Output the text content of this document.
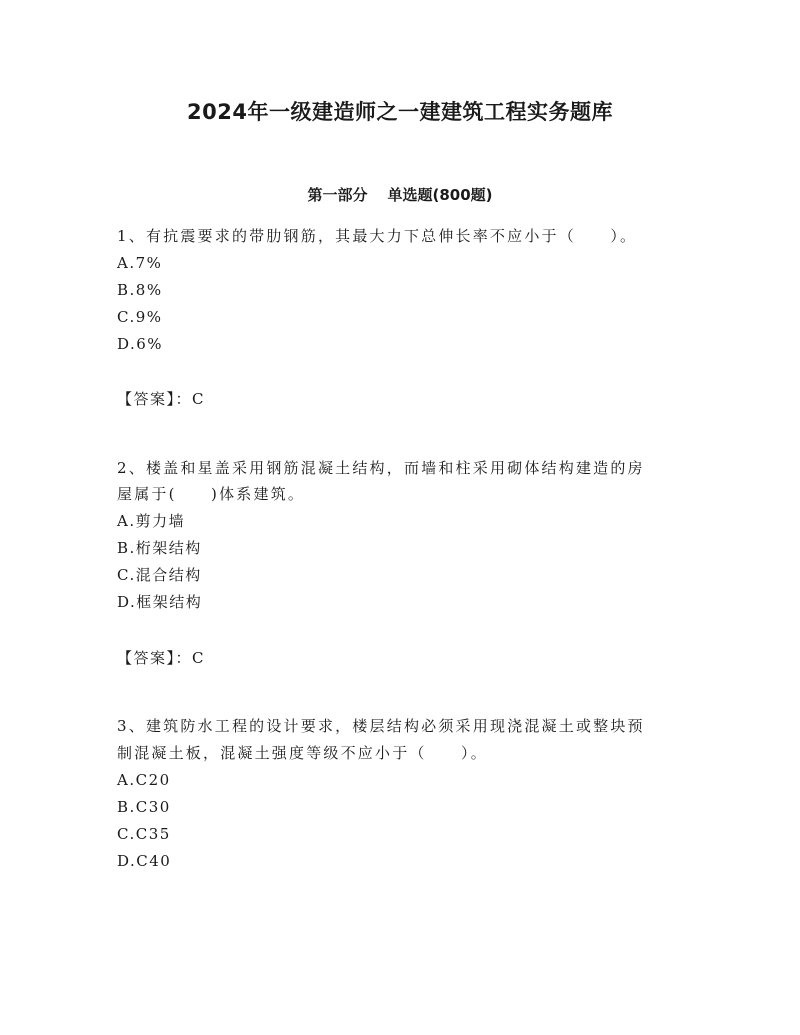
2024年一级建造师之一建建筑工程实务题库
第一部分 单选题(800题)
1、有抗震要求的带肋钢筋，其最大力下总伸长率不应小于（　　）。
A.7%
B.8%
C.9%
D.6%
【答案】：C
2、楼盖和星盖采用钢筋混凝土结构，而墙和柱采用砌体结构建造的房
屋属于(　　)体系建筑。
A.剪力墙
B.桁架结构
C.混合结构
D.框架结构
【答案】：C
3、建筑防水工程的设计要求，楼层结构必须采用现浇混凝土或整块预
制混凝土板，混凝土强度等级不应小于（　　）。
A.C20
B.C30
C.C35
D.C40
